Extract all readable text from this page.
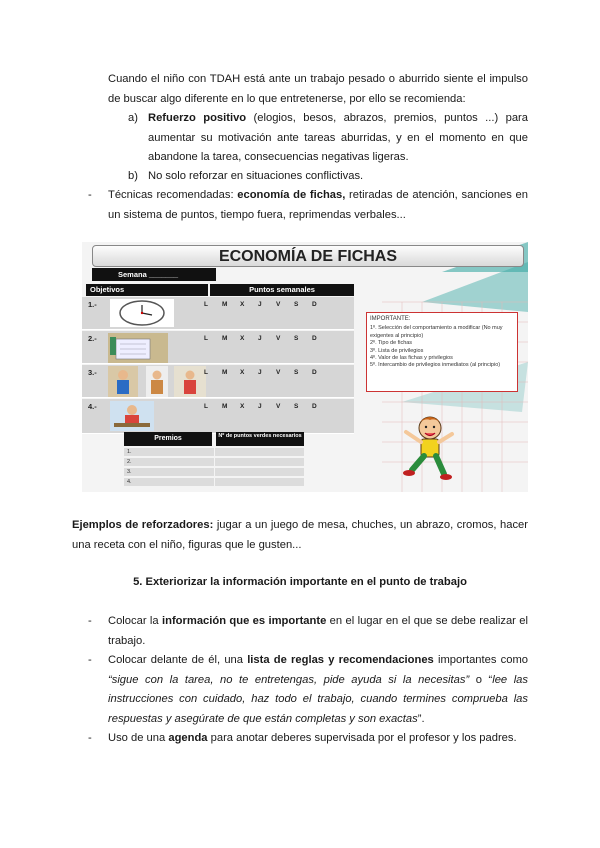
Cuando el niño con TDAH está ante un trabajo pesado o aburrido siente el impulso de buscar algo diferente en lo que entretenerse, por ello se recomienda:
a) Refuerzo positivo (elogios, besos, abrazos, premios, puntos ...) para aumentar su motivación ante tareas aburridas, y en el momento en que abandone la tarea, consecuencias negativas ligeras.
b) No solo reforzar en situaciones conflictivas.
- Técnicas recomendadas: economía de fichas, retiradas de atención, sanciones en un sistema de puntos, tiempo fuera, reprimendas verbales...
ECONOMÍA DE FICHAS
Semana _______
Objetivos	Puntos semanales
1.-	L M X J V S D
2.-	L M X J V S D
3.-	L M X J V S D
4.-	L M X J V S D
Premios	Nº de puntos verdes necesarios
1.
2.
3.
4.
IMPORTANTE:
1º. Selección del comportamiento a modificar (No muy exigentes al principio)
2º. Tipo de fichas
3º. Lista de privilegios
4º. Valor de las fichas y privilegios
5º. Intercambio de privilegios inmediatos (al principio)
Ejemplos de reforzadores: jugar a un juego de mesa, chuches, un abrazo, cromos, hacer una receta con el niño, figuras que le gusten...
5. Exteriorizar la información importante en el punto de trabajo
- Colocar la información que es importante en el lugar en el que se debe realizar el trabajo.
- Colocar delante de él, una lista de reglas y recomendaciones importantes como “sigue con la tarea, no te entretengas, pide ayuda si la necesitas” o “lee las instrucciones con cuidado, haz todo el trabajo, cuando termines comprueba las respuestas y asegúrate de que están completas y son exactas”.
- Uso de una agenda para anotar deberes supervisada por el profesor y los padres.
